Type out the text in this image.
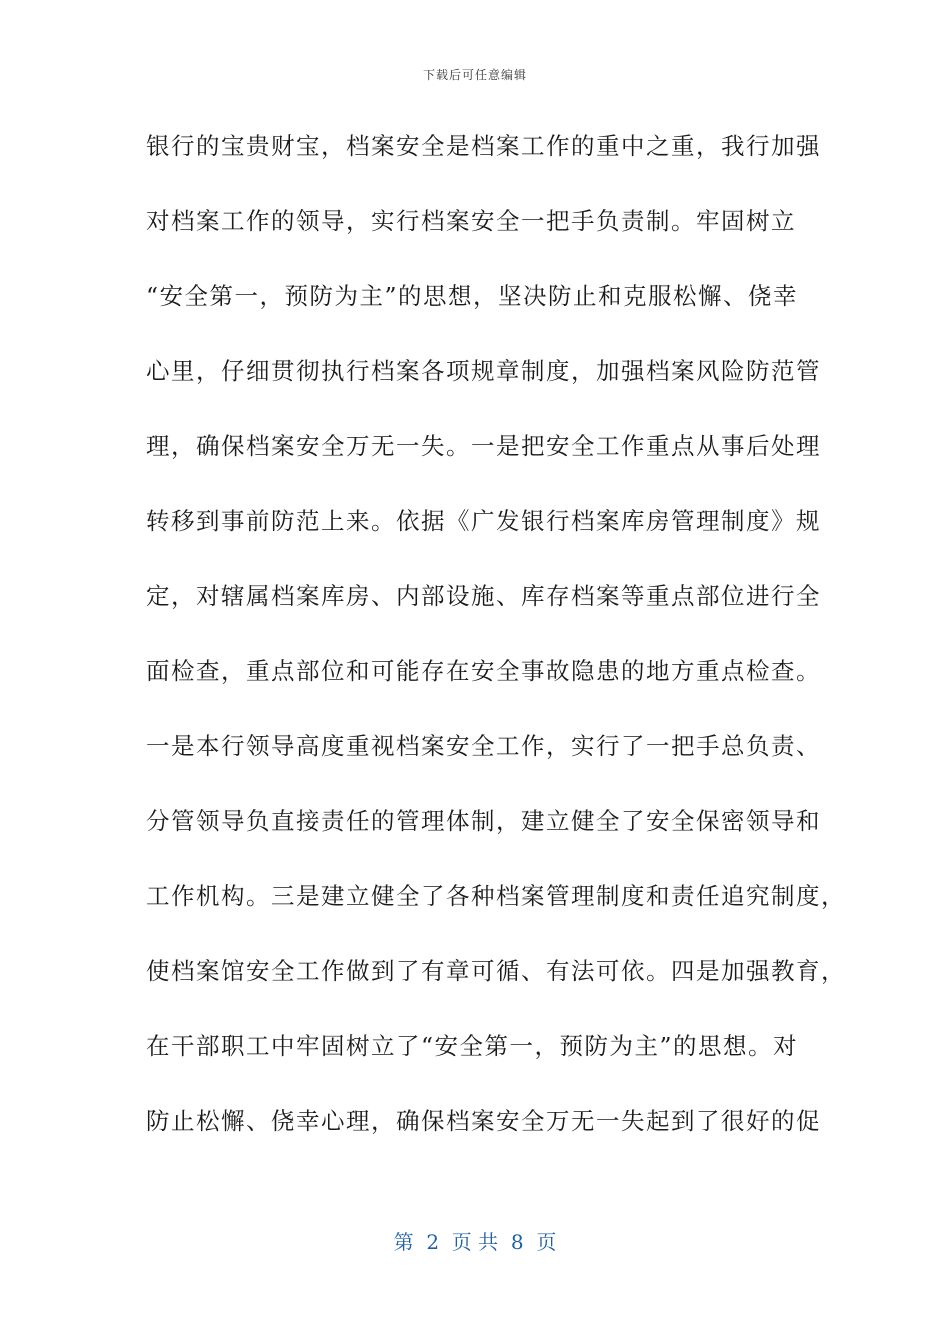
下载后可任意编辑
银行的宝贵财宝，档案安全是档案工作的重中之重，我行加强
对档案工作的领导，实行档案安全一把手负责制。牢固树立
“安全第一，预防为主”的思想，坚决防止和克服松懈、侥幸
心里，仔细贯彻执行档案各项规章制度，加强档案风险防范管
理，确保档案安全万无一失。一是把安全工作重点从事后处理
转移到事前防范上来。依据《广发银行档案库房管理制度》规
定，对辖属档案库房、内部设施、库存档案等重点部位进行全
面检查，重点部位和可能存在安全事故隐患的地方重点检查。
一是本行领导高度重视档案安全工作，实行了一把手总负责、
分管领导负直接责任的管理体制，建立健全了安全保密领导和
工作机构。三是建立健全了各种档案管理制度和责任追究制度，
使档案馆安全工作做到了有章可循、有法可依。四是加强教育，
在干部职工中牢固树立了“安全第一，预防为主”的思想。对
防止松懈、侥幸心理，确保档案安全万无一失起到了很好的促
第  2  页 共  8  页
